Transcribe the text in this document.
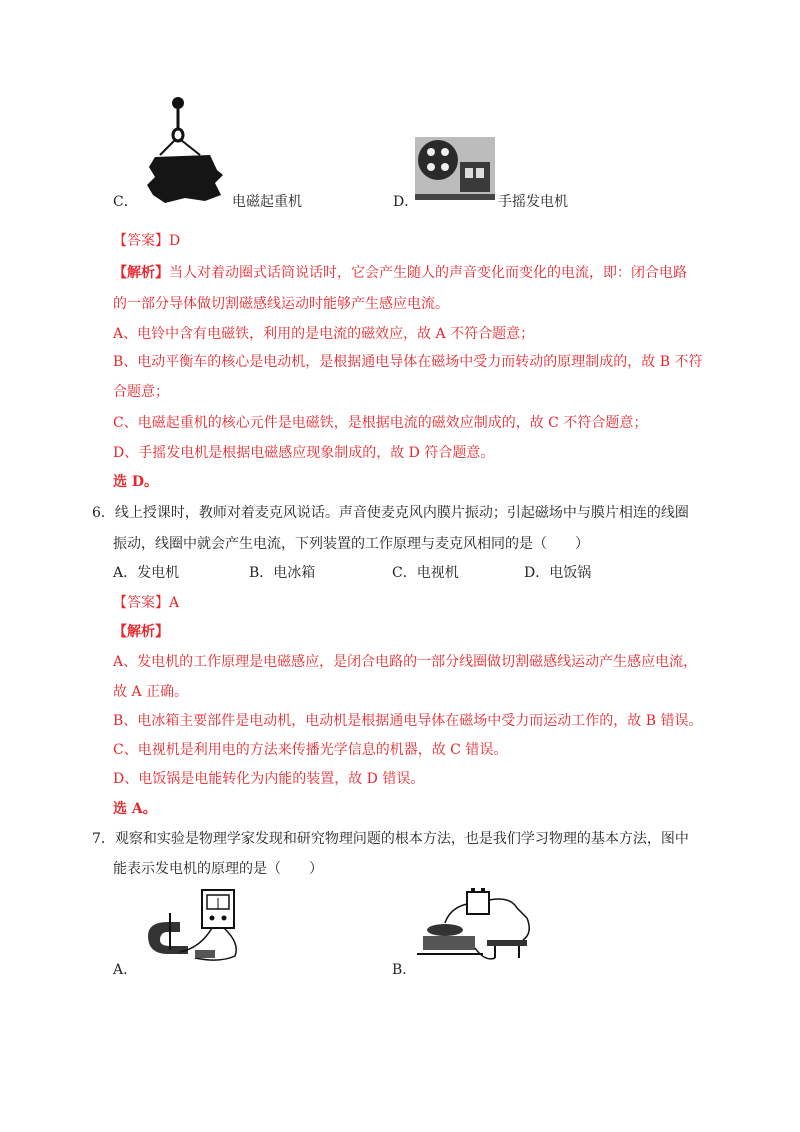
C．	电磁起重机	D．	手摇发电机
【答案】D
【解析】当人对着动圈式话筒说话时，它会产生随人的声音变化而变化的电流，即：闭合电路
的一部分导体做切割磁感线运动时能够产生感应电流。
A、电铃中含有电磁铁，利用的是电流的磁效应，故 A 不符合题意；
B、电动平衡车的核心是电动机，是根据通电导体在磁场中受力而转动的原理制成的，故 B 不符
合题意；
C、电磁起重机的核心元件是电磁铁，是根据电流的磁效应制成的，故 C 不符合题意；
D、手摇发电机是根据电磁感应现象制成的，故 D 符合题意。
选 D。
6．线上授课时，教师对着麦克风说话。声音使麦克风内膜片振动；引起磁场中与膜片相连的线圈
振动，线圈中就会产生电流，下列装置的工作原理与麦克风相同的是（　　）
A．发电机	B．电冰箱	C．电视机	D．电饭锅
【答案】A
【解析】
A、发电机的工作原理是电磁感应，是闭合电路的一部分线圈做切割磁感线运动产生感应电流，
故 A 正确。
B、电冰箱主要部件是电动机，电动机是根据通电导体在磁场中受力而运动工作的，故 B 错误。
C、电视机是利用电的方法来传播光学信息的机器，故 C 错误。
D、电饭锅是电能转化为内能的装置，故 D 错误。
选 A。
7．观察和实验是物理学家发现和研究物理问题的根本方法，也是我们学习物理的基本方法，图中
能表示发电机的原理的是（　　）
A．	B．
